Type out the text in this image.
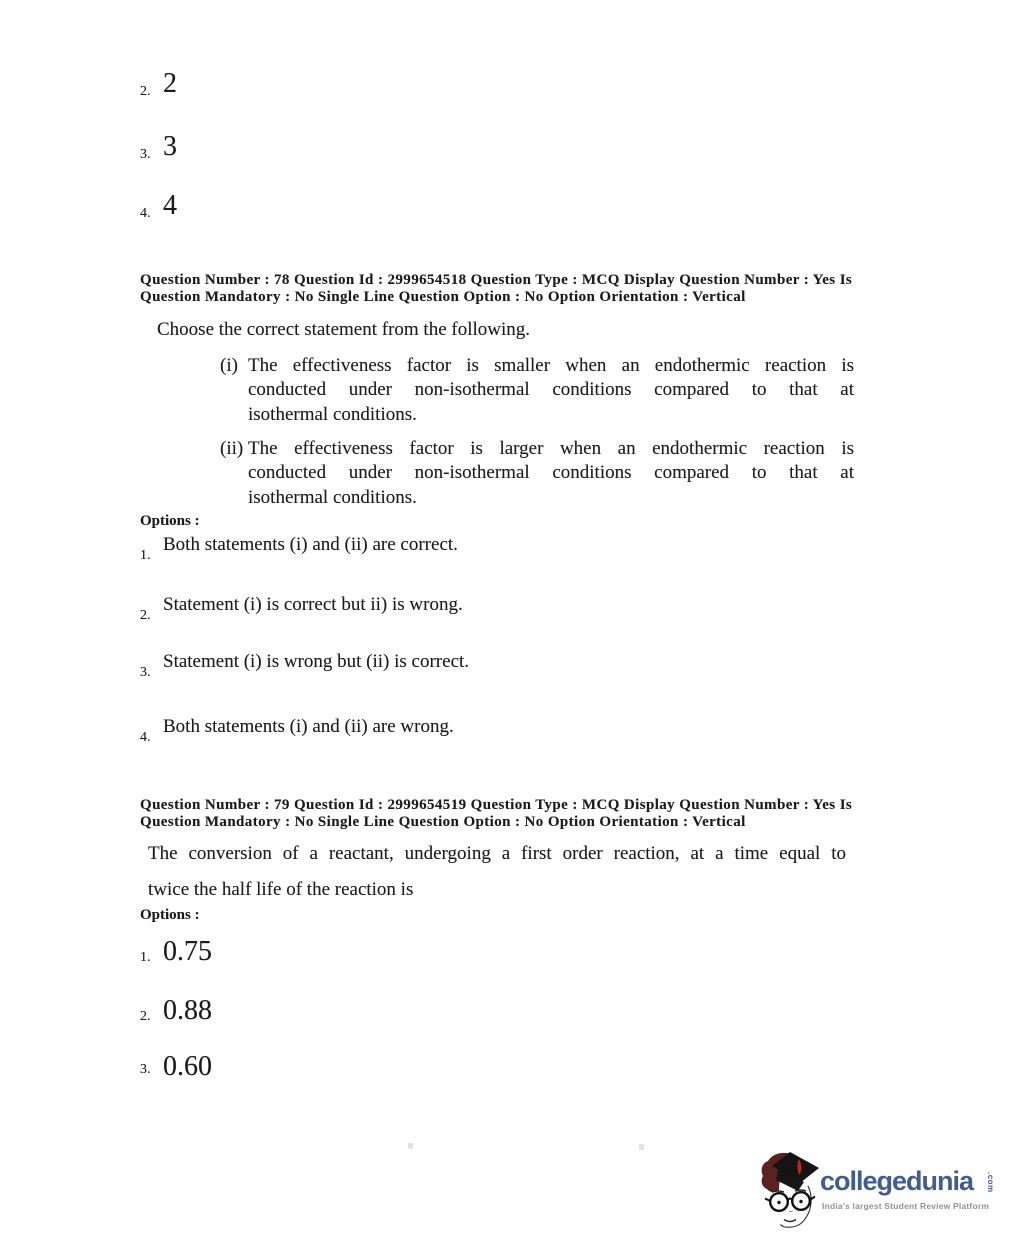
2. 2
3. 3
4. 4
Question Number : 78 Question Id : 2999654518 Question Type : MCQ Display Question Number : Yes Is
Question Mandatory : No Single Line Question Option : No Option Orientation : Vertical
Choose the correct statement from the following.
(i) The effectiveness factor is smaller when an endothermic reaction is
conducted under non-isothermal conditions compared to that at
isothermal conditions.
(ii) The effectiveness factor is larger when an endothermic reaction is
conducted under non-isothermal conditions compared to that at
isothermal conditions.
Options :
1.
Both statements (i) and (ii) are correct.
2.
Statement (i) is correct but ii) is wrong.
3.
Statement (i) is wrong but (ii) is correct.
4.
Both statements (i) and (ii) are wrong.
Question Number : 79 Question Id : 2999654519 Question Type : MCQ Display Question Number : Yes Is
Question Mandatory : No Single Line Question Option : No Option Orientation : Vertical
The conversion of a reactant, undergoing a first order reaction, at a time equal to
twice the half life of the reaction is
Options :
1. 0.75
2. 0.88
3. 0.60
collegedunia .com
India's largest Student Review Platform
